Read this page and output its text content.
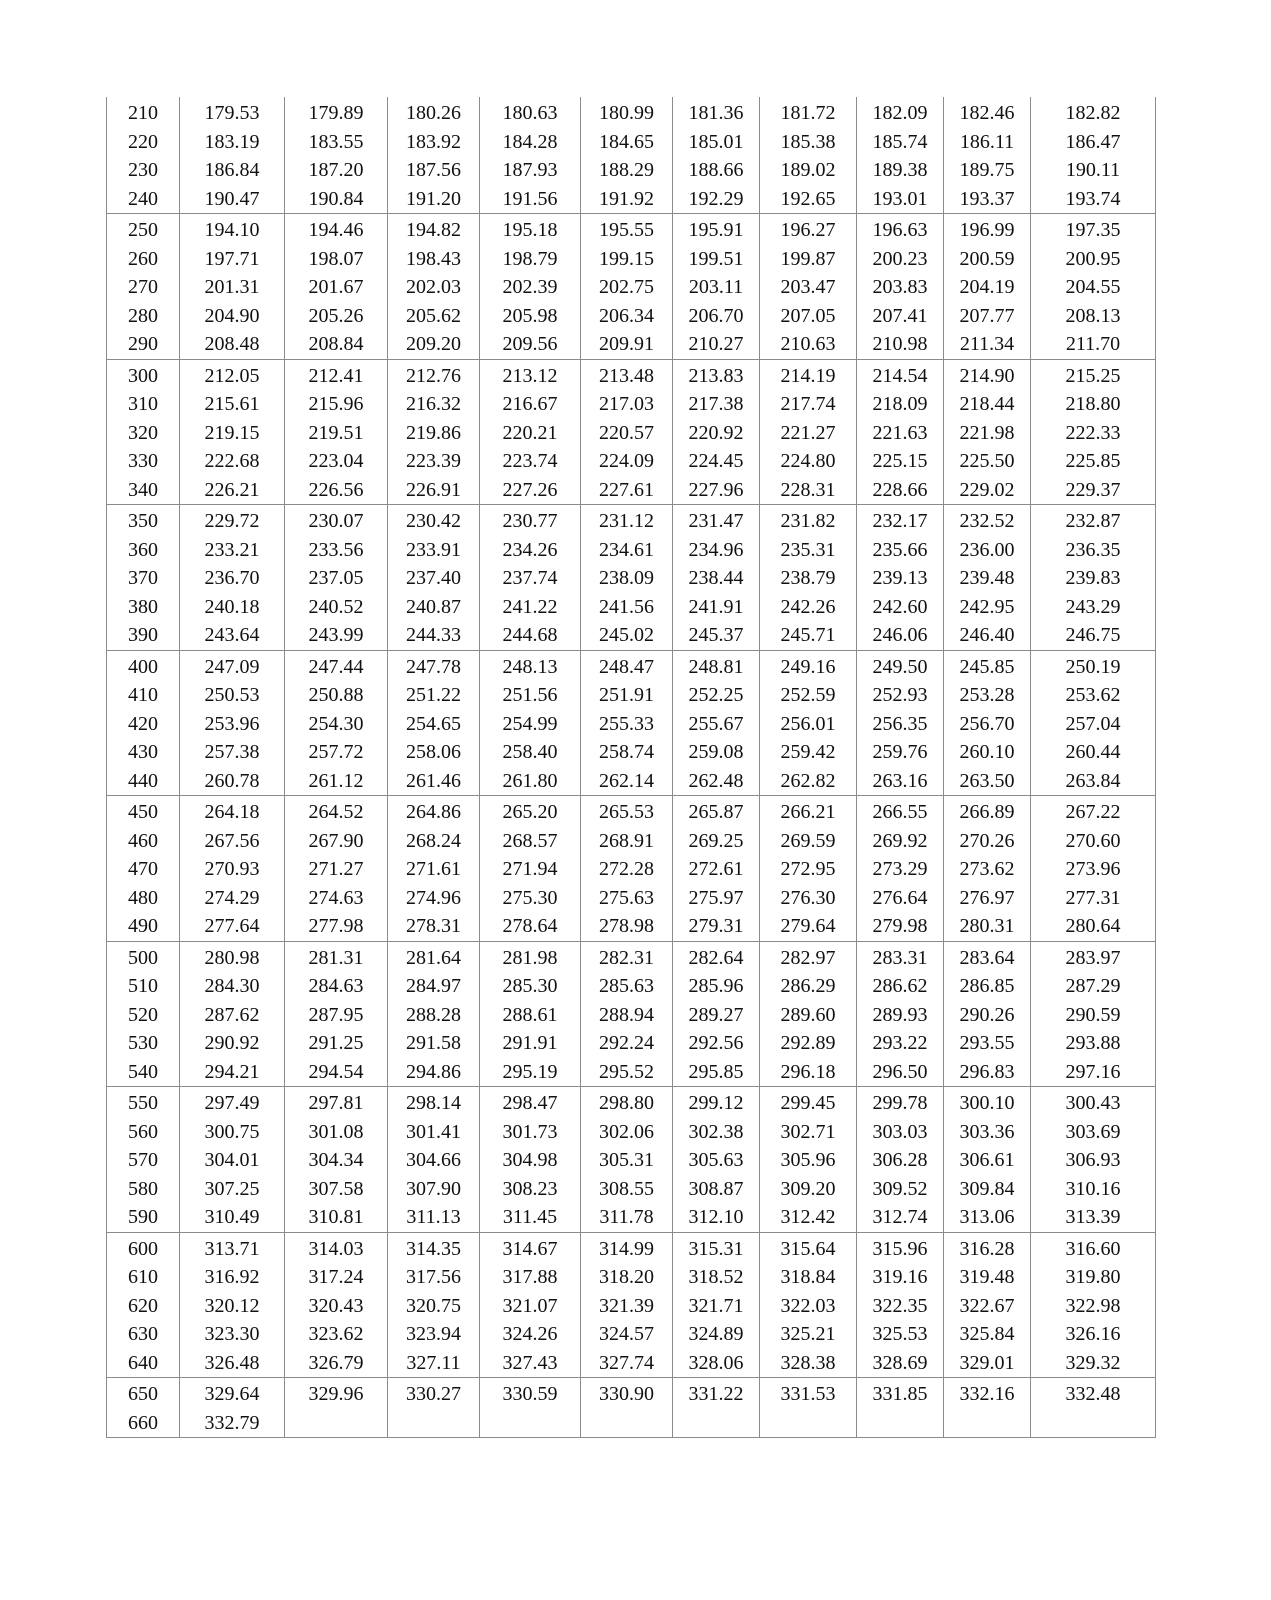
210	179.53	179.89	180.26	180.63	180.99	181.36	181.72	182.09	182.46	182.82
220	183.19	183.55	183.92	184.28	184.65	185.01	185.38	185.74	186.11	186.47
230	186.84	187.20	187.56	187.93	188.29	188.66	189.02	189.38	189.75	190.11
240	190.47	190.84	191.20	191.56	191.92	192.29	192.65	193.01	193.37	193.74
250	194.10	194.46	194.82	195.18	195.55	195.91	196.27	196.63	196.99	197.35
260	197.71	198.07	198.43	198.79	199.15	199.51	199.87	200.23	200.59	200.95
270	201.31	201.67	202.03	202.39	202.75	203.11	203.47	203.83	204.19	204.55
280	204.90	205.26	205.62	205.98	206.34	206.70	207.05	207.41	207.77	208.13
290	208.48	208.84	209.20	209.56	209.91	210.27	210.63	210.98	211.34	211.70
300	212.05	212.41	212.76	213.12	213.48	213.83	214.19	214.54	214.90	215.25
310	215.61	215.96	216.32	216.67	217.03	217.38	217.74	218.09	218.44	218.80
320	219.15	219.51	219.86	220.21	220.57	220.92	221.27	221.63	221.98	222.33
330	222.68	223.04	223.39	223.74	224.09	224.45	224.80	225.15	225.50	225.85
340	226.21	226.56	226.91	227.26	227.61	227.96	228.31	228.66	229.02	229.37
350	229.72	230.07	230.42	230.77	231.12	231.47	231.82	232.17	232.52	232.87
360	233.21	233.56	233.91	234.26	234.61	234.96	235.31	235.66	236.00	236.35
370	236.70	237.05	237.40	237.74	238.09	238.44	238.79	239.13	239.48	239.83
380	240.18	240.52	240.87	241.22	241.56	241.91	242.26	242.60	242.95	243.29
390	243.64	243.99	244.33	244.68	245.02	245.37	245.71	246.06	246.40	246.75
400	247.09	247.44	247.78	248.13	248.47	248.81	249.16	249.50	245.85	250.19
410	250.53	250.88	251.22	251.56	251.91	252.25	252.59	252.93	253.28	253.62
420	253.96	254.30	254.65	254.99	255.33	255.67	256.01	256.35	256.70	257.04
430	257.38	257.72	258.06	258.40	258.74	259.08	259.42	259.76	260.10	260.44
440	260.78	261.12	261.46	261.80	262.14	262.48	262.82	263.16	263.50	263.84
450	264.18	264.52	264.86	265.20	265.53	265.87	266.21	266.55	266.89	267.22
460	267.56	267.90	268.24	268.57	268.91	269.25	269.59	269.92	270.26	270.60
470	270.93	271.27	271.61	271.94	272.28	272.61	272.95	273.29	273.62	273.96
480	274.29	274.63	274.96	275.30	275.63	275.97	276.30	276.64	276.97	277.31
490	277.64	277.98	278.31	278.64	278.98	279.31	279.64	279.98	280.31	280.64
500	280.98	281.31	281.64	281.98	282.31	282.64	282.97	283.31	283.64	283.97
510	284.30	284.63	284.97	285.30	285.63	285.96	286.29	286.62	286.85	287.29
520	287.62	287.95	288.28	288.61	288.94	289.27	289.60	289.93	290.26	290.59
530	290.92	291.25	291.58	291.91	292.24	292.56	292.89	293.22	293.55	293.88
540	294.21	294.54	294.86	295.19	295.52	295.85	296.18	296.50	296.83	297.16
550	297.49	297.81	298.14	298.47	298.80	299.12	299.45	299.78	300.10	300.43
560	300.75	301.08	301.41	301.73	302.06	302.38	302.71	303.03	303.36	303.69
570	304.01	304.34	304.66	304.98	305.31	305.63	305.96	306.28	306.61	306.93
580	307.25	307.58	307.90	308.23	308.55	308.87	309.20	309.52	309.84	310.16
590	310.49	310.81	311.13	311.45	311.78	312.10	312.42	312.74	313.06	313.39
600	313.71	314.03	314.35	314.67	314.99	315.31	315.64	315.96	316.28	316.60
610	316.92	317.24	317.56	317.88	318.20	318.52	318.84	319.16	319.48	319.80
620	320.12	320.43	320.75	321.07	321.39	321.71	322.03	322.35	322.67	322.98
630	323.30	323.62	323.94	324.26	324.57	324.89	325.21	325.53	325.84	326.16
640	326.48	326.79	327.11	327.43	327.74	328.06	328.38	328.69	329.01	329.32
650	329.64	329.96	330.27	330.59	330.90	331.22	331.53	331.85	332.16	332.48
660	332.79									
